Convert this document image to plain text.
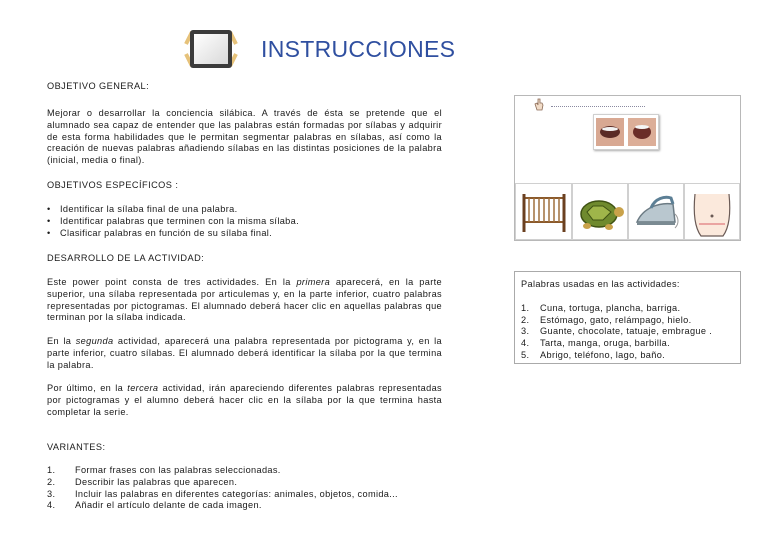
INSTRUCCIONES
OBJETIVO GENERAL:
Mejorar o desarrollar la conciencia silábica. A través de ésta se pretende que el alumnado sea capaz de entender que las palabras están formadas por sílabas y adquirir de esta forma habilidades que le permitan segmentar palabras en sílabas, así como la creación de nuevas palabras añadiendo sílabas en las distintas posiciones de la palabra (inicial, media o final).
OBJETIVOS ESPECÍFICOS :
• Identificar la sílaba final de una palabra.
• Identificar palabras que terminen con la misma sílaba.
• Clasificar palabras en función de su sílaba final.
DESARROLLO DE LA ACTIVIDAD:
Este power point consta de tres actividades. En la primera aparecerá, en la parte superior, una sílaba representada por articulemas y, en la parte inferior, cuatro palabras representadas por pictogramas. El alumnado deberá hacer clic en aquellas palabras que terminan por la sílaba indicada.
En la segunda actividad, aparecerá una palabra representada por pictograma y, en la parte inferior, cuatro sílabas. El alumnado deberá identificar la sílaba por la que termina la palabra.
Por último, en la tercera actividad, irán apareciendo diferentes palabras representadas por pictogramas y el alumno deberá hacer clic en la sílaba por la que termina hasta completar la serie.
VARIANTES:
1.	Formar frases con las palabras seleccionadas.
2.	Describir las palabras que aparecen.
3.	Incluir las palabras en diferentes categorías: animales, objetos, comida...
4.	Añadir el artículo delante de cada imagen.
Palabras usadas en las actividades:
1.	Cuna, tortuga, plancha, barriga.
2.	Estómago, gato, relámpago, hielo.
3.	Guante, chocolate, tatuaje, embrague .
4.	Tarta, manga, oruga, barbilla.
5.	Abrigo, teléfono, lago, baño.
